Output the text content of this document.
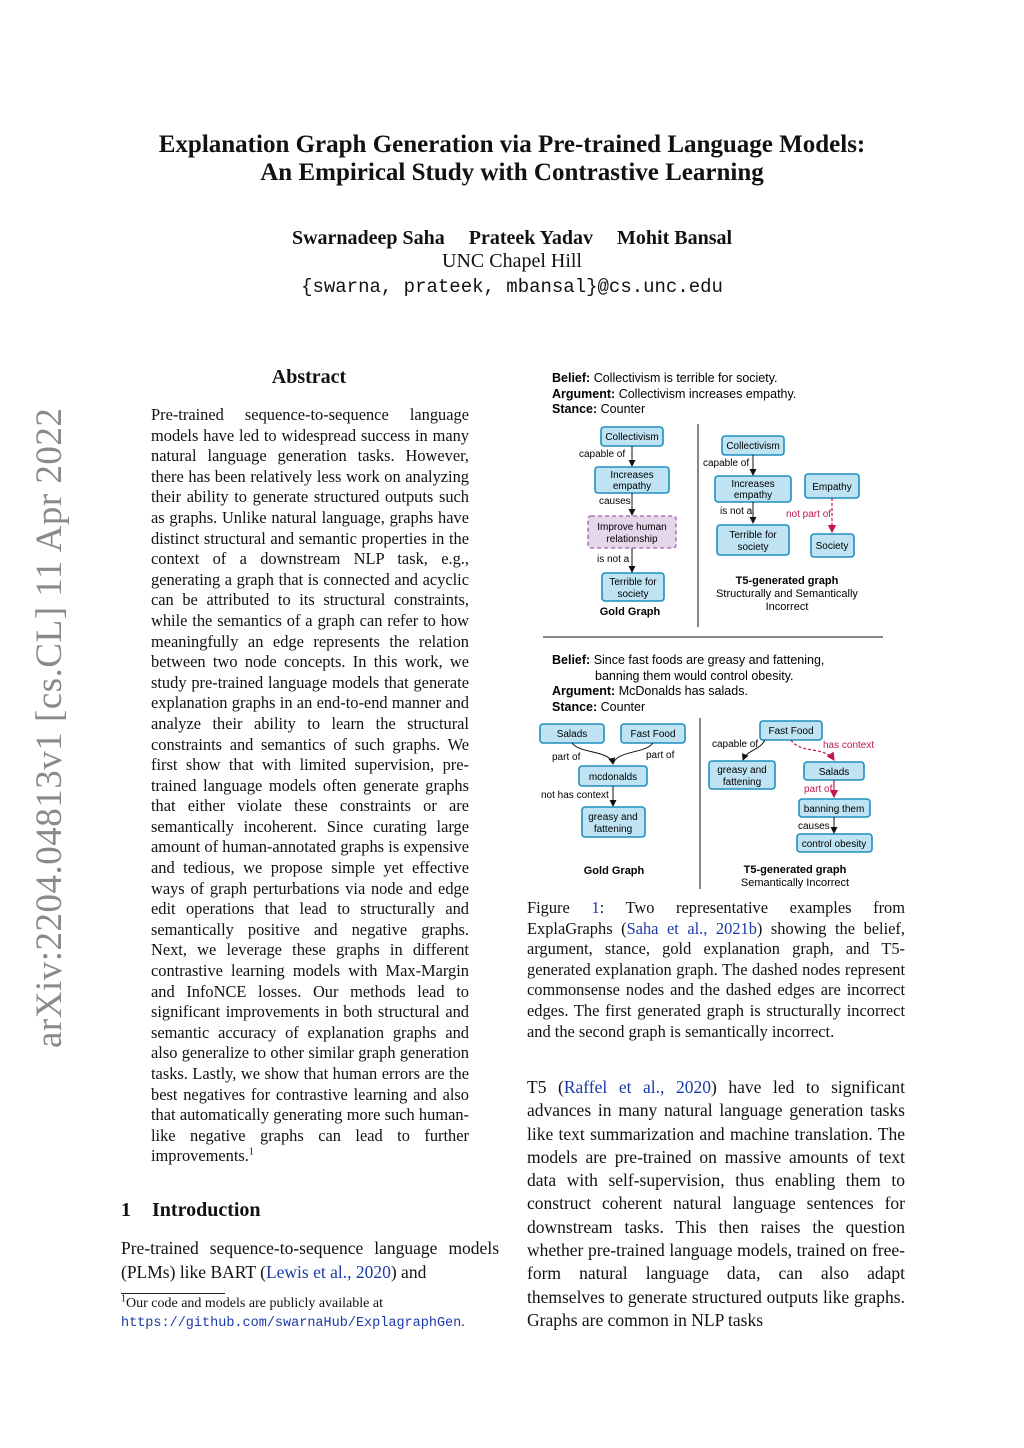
arXiv:2204.04813v1 [cs.CL] 11 Apr 2022
Explanation Graph Generation via Pre-trained Language Models:
An Empirical Study with Contrastive Learning
Swarnadeep Saha Prateek Yadav Mohit Bansal
UNC Chapel Hill
{swarna, prateek, mbansal}@cs.unc.edu
Abstract

Pre-trained sequence-to-sequence language models have led to widespread success in many natural language generation tasks. However, there has been relatively less work on analyzing their ability to generate structured outputs such as graphs. Unlike natural language, graphs have distinct structural and semantic properties in the context of a downstream NLP task, e.g., generating a graph that is connected and acyclic can be attributed to its structural constraints, while the semantics of a graph can refer to how meaningfully an edge represents the relation between two node concepts. In this work, we study pre-trained language models that generate explanation graphs in an end-to-end manner and analyze their ability to learn the structural constraints and semantics of such graphs. We first show that with limited supervision, pre-trained language models often generate graphs that either violate these constraints or are semantically incoherent. Since curating large amount of human-annotated graphs is expensive and tedious, we propose simple yet effective ways of graph perturbations via node and edge edit operations that lead to structurally and semantically positive and negative graphs. Next, we leverage these graphs in different contrastive learning models with Max-Margin and InfoNCE losses. Our methods lead to significant improvements in both structural and semantic accuracy of explanation graphs and also generalize to other similar graph generation tasks. Lastly, we show that human errors are the best negatives for contrastive learning and also that automatically generating more such human-like negative graphs can lead to further improvements.$^1$

1 Introduction

Pre-trained sequence-to-sequence language models (PLMs) like BART (Lewis et al., 2020) and

$^1$Our code and models are publicly available at https://github.com/swarnaHub/ExplagraphGen.

Belief: Collectivism is terrible for society.
Argument: Collectivism increases empathy.
Stance: Counter
Collectivism
capable of
Increases
empathy
causes
Improve human
relationship
is not a
Terrible for
society
Gold Graph
Collectivism
capable of
Increases
empathy
Empathy
is not a	not part of
Terrible for
society	Society
T5-generated graph
Structurally and Semantically
Incorrect
Belief: Since fast foods are greasy and fattening,
banning them would control obesity.
Argument: McDonalds has salads.
Stance: Counter
Salads	Fast Food
part of	part of
mcdonalds
not has context
greasy and
fattening
Gold Graph
Fast Food
capable of	has context
greasy and
fattening
Salads
part of
banning them
causes
control obesity
T5-generated graph
Semantically Incorrect

Figure 1: Two representative examples from ExplaGraphs (Saha et al., 2021b) showing the belief, argument, stance, gold explanation graph, and T5-generated explanation graph. The dashed nodes represent commonsense nodes and the dashed edges are incorrect edges. The first generated graph is structurally incorrect and the second graph is semantically incorrect.

T5 (Raffel et al., 2020) have led to significant advances in many natural language generation tasks like text summarization and machine translation. The models are pre-trained on massive amounts of text data with self-supervision, thus enabling them to construct coherent natural language sentences for downstream tasks. This then raises the question whether pre-trained language models, trained on free-form natural language data, can also adapt themselves to generate structured outputs like graphs. Graphs are common in NLP tasks
